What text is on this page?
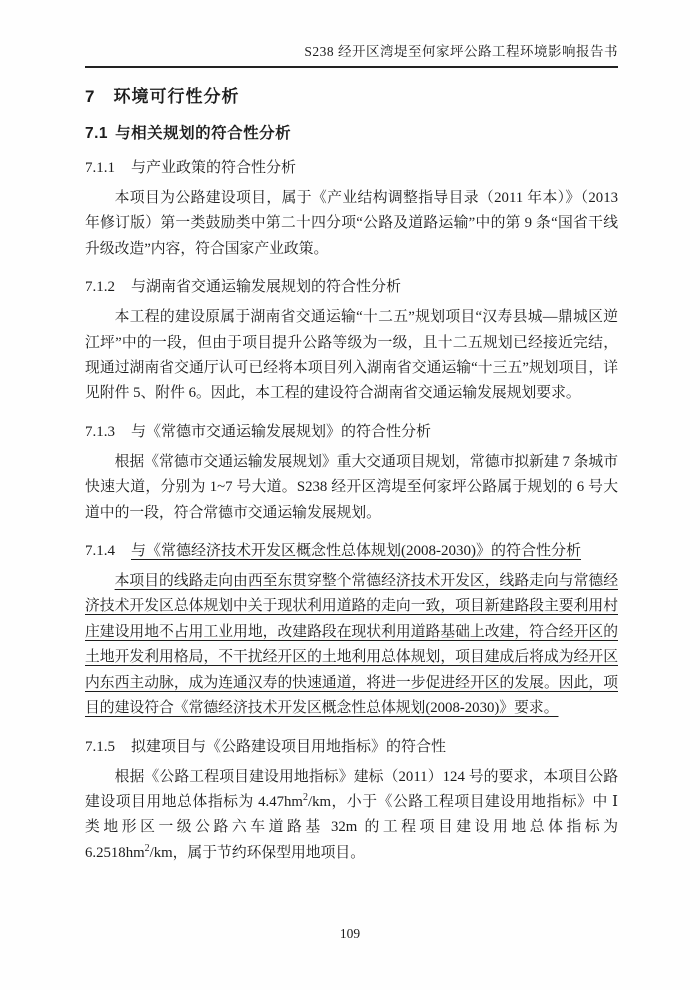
S238 经开区湾堤至何家坪公路工程环境影响报告书
7 环境可行性分析
7.1 与相关规划的符合性分析
7.1.1 与产业政策的符合性分析

本项目为公路建设项目，属于《产业结构调整指导目录（2011 年本）》（2013 年修订版）第一类鼓励类中第二十四分项“公路及道路运输”中的第 9 条“国省干线升级改造”内容，符合国家产业政策。

7.1.2 与湖南省交通运输发展规划的符合性分析

本工程的建设原属于湖南省交通运输“十二五”规划项目“汉寿县城—鼎城区逆江坪”中的一段，但由于项目提升公路等级为一级，且十二五规划已经接近完结，现通过湖南省交通厅认可已经将本项目列入湖南省交通运输“十三五”规划项目，详见附件 5、附件 6。因此，本工程的建设符合湖南省交通运输发展规划要求。

7.1.3 与《常德市交通运输发展规划》的符合性分析

根据《常德市交通运输发展规划》重大交通项目规划，常德市拟新建 7 条城市快速大道，分别为 1~7 号大道。S238 经开区湾堤至何家坪公路属于规划的 6 号大道中的一段，符合常德市交通运输发展规划。

7.1.4 与《常德经济技术开发区概念性总体规划(2008-2030)》的符合性分析

本项目的线路走向由西至东贯穿整个常德经济技术开发区，线路走向与常德经济技术开发区总体规划中关于现状利用道路的走向一致，项目新建路段主要利用村庄建设用地不占用工业用地，改建路段在现状利用道路基础上改建，符合经开区的土地开发利用格局，不干扰经开区的土地利用总体规划，项目建成后将成为经开区内东西主动脉，成为连通汉寿的快速通道，将进一步促进经开区的发展。因此，项目的建设符合《常德经济技术开发区概念性总体规划(2008-2030)》要求。

7.1.5 拟建项目与《公路建设项目用地指标》的符合性

根据《公路工程项目建设用地指标》建标（2011）124 号的要求，本项目公路建设项目用地总体指标为 $4.47hm^2/km$，小于《公路工程项目建设用地指标》中 Ⅰ 类地形区一级公路六车道路基 32m 的工程项目建设用地总体指标为 $6.2518hm^2/km$，属于节约环保型用地项目。

109
